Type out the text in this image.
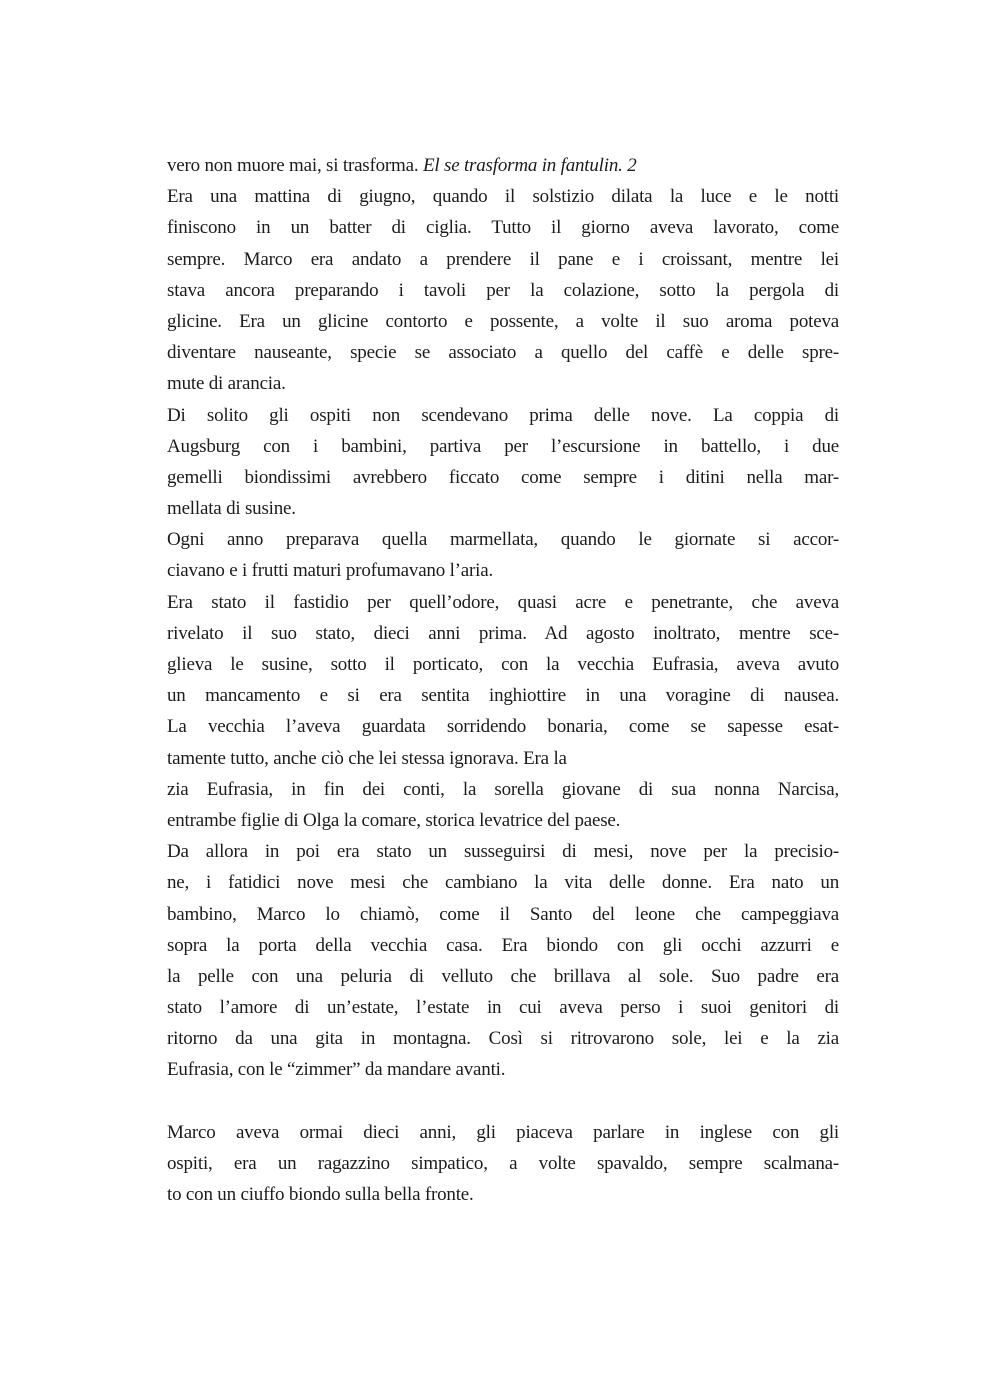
vero non muore mai, si trasforma. El se trasforma in fantulin. 2
Era una mattina di giugno, quando il solstizio dilata la luce e le notti
finiscono in un batter di ciglia. Tutto il giorno aveva lavorato, come
sempre. Marco era andato a prendere il pane e i croissant, mentre lei
stava ancora preparando i tavoli per la colazione, sotto la pergola di
glicine. Era un glicine contorto e possente, a volte il suo aroma poteva
diventare nauseante, specie se associato a quello del caffè e delle spre-
mute di arancia.
Di solito gli ospiti non scendevano prima delle nove. La coppia di
Augsburg con i bambini, partiva per l’escursione in battello, i due
gemelli biondissimi avrebbero ficcato come sempre i ditini nella mar-
mellata di susine.
Ogni anno preparava quella marmellata, quando le giornate si accor-
ciavano e i frutti maturi profumavano l’aria.
Era stato il fastidio per quell’odore, quasi acre e penetrante, che aveva
rivelato il suo stato, dieci anni prima. Ad agosto inoltrato, mentre sce-
glieva le susine, sotto il porticato, con la vecchia Eufrasia, aveva avuto
un mancamento e si era sentita inghiottire in una voragine di nausea.
La vecchia l’aveva guardata sorridendo bonaria, come se sapesse esat-
tamente tutto, anche ciò che lei stessa ignorava. Era la
zia Eufrasia, in fin dei conti, la sorella giovane di sua nonna Narcisa,
entrambe figlie di Olga la comare, storica levatrice del paese.
Da allora in poi era stato un susseguirsi di mesi, nove per la precisio-
ne, i fatidici nove mesi che cambiano la vita delle donne. Era nato un
bambino, Marco lo chiamò, come il Santo del leone che campeggiava
sopra la porta della vecchia casa. Era biondo con gli occhi azzurri e
la pelle con una peluria di velluto che brillava al sole. Suo padre era
stato l’amore di un’estate, l’estate in cui aveva perso i suoi genitori di
ritorno da una gita in montagna. Così si ritrovarono sole, lei e la zia
Eufrasia, con le “zimmer” da mandare avanti.
Marco aveva ormai dieci anni, gli piaceva parlare in inglese con gli
ospiti, era un ragazzino simpatico, a volte spavaldo, sempre scalmana-
to con un ciuffo biondo sulla bella fronte.
